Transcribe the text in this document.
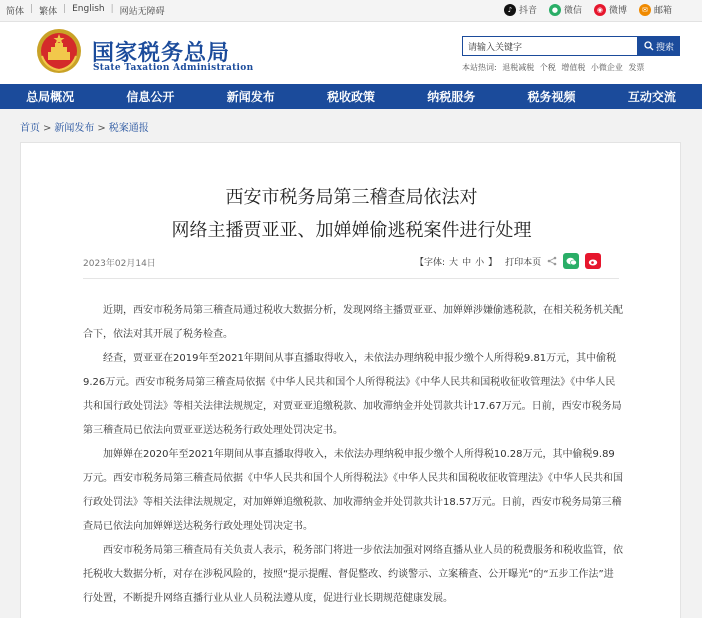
简体 | 繁体 | English | 网站无障碍	♪ 抖音	● 微信	◉ 微博	✉ 邮箱
国家税务总局
State Taxation Administration
请输入关键字
搜索
本站热词: 退税减税 个税 增值税 小微企业 发票
总局概况	信息公开	新闻发布	税收政策	纳税服务	税务视频	互动交流
首页 > 新闻发布 > 税案通报
西安市税务局第三稽查局依法对
网络主播贾亚亚、加婵婵偷逃税案件进行处理
2023年02月14日	【字体: 大 中 小 】 打印本页

近期，西安市税务局第三稽查局通过税收大数据分析，发现网络主播贾亚亚、加婵婵涉嫌偷逃税款，在相关税务机关配合下，依法对其开展了税务检查。

经查，贾亚亚在2019年至2021年期间从事直播取得收入，未依法办理纳税申报少缴个人所得税9.81万元，其中偷税9.26万元。西安市税务局第三稽查局依据《中华人民共和国个人所得税法》《中华人民共和国税收征收管理法》《中华人民共和国行政处罚法》等相关法律法规规定，对贾亚亚追缴税款、加收滞纳金并处罚款共计17.67万元。日前，西安市税务局第三稽查局已依法向贾亚亚送达税务行政处理处罚决定书。

加婵婵在2020年至2021年期间从事直播取得收入，未依法办理纳税申报少缴个人所得税10.28万元，其中偷税9.89万元。西安市税务局第三稽查局依据《中华人民共和国个人所得税法》《中华人民共和国税收征收管理法》《中华人民共和国行政处罚法》等相关法律法规规定，对加婵婵追缴税款、加收滞纳金并处罚款共计18.57万元。日前，西安市税务局第三稽查局已依法向加婵婵送达税务行政处理处罚决定书。

西安市税务局第三稽查局有关负责人表示，税务部门将进一步依法加强对网络直播从业人员的税费服务和税收监管，依托税收大数据分析，对存在涉税风险的，按照“提示提醒、督促整改、约谈警示、立案稽查、公开曝光”的“五步工作法”进行处置，不断提升网络直播行业从业人员税法遵从度，促进行业长期规范健康发展。
